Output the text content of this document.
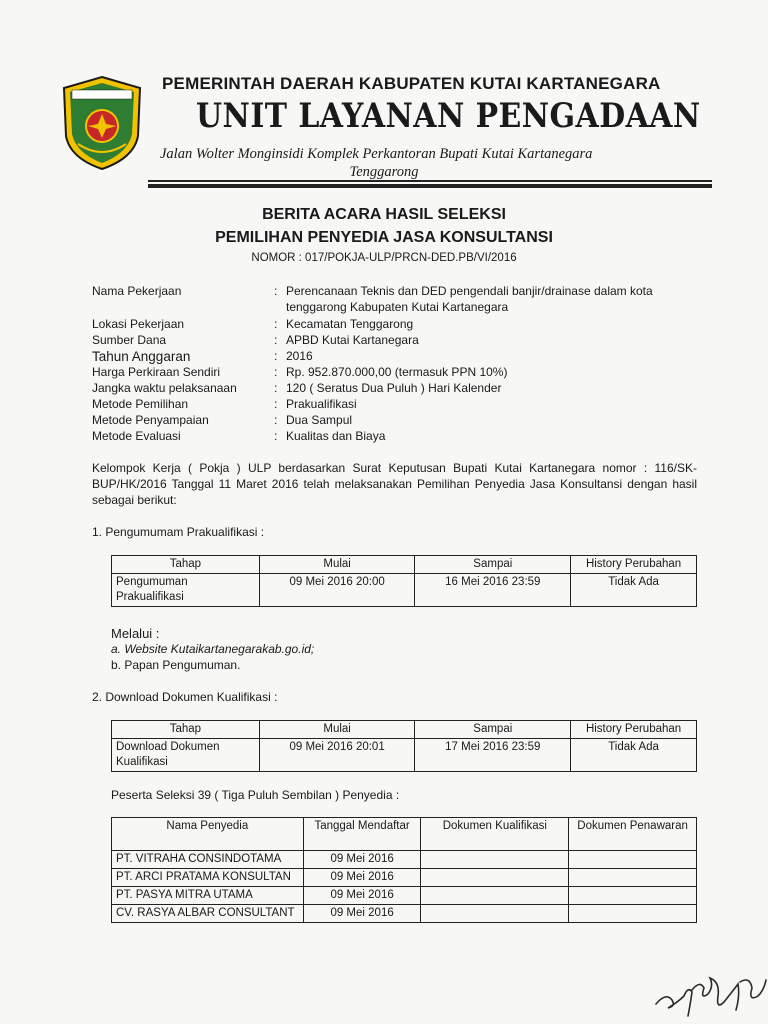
PEMERINTAH DAERAH KABUPATEN KUTAI KARTANEGARA
UNIT LAYANAN PENGADAAN
Jalan Wolter Monginsidi Komplek Perkantoran Bupati Kutai Kartanegara
Tenggarong
BERITA ACARA HASIL SELEKSI
PEMILIHAN PENYEDIA JASA KONSULTANSI
NOMOR : 017/POKJA-ULP/PRCN-DED.PB/VI/2016
Nama Pekerjaan	: Perencanaan Teknis dan DED pengendali banjir/drainase dalam kota
tenggarong Kabupaten Kutai Kartanegara
Lokasi Pekerjaan	: Kecamatan Tenggarong
Sumber Dana	: APBD Kutai Kartanegara
Tahun Anggaran	: 2016
Harga Perkiraan Sendiri	: Rp. 952.870.000,00 (termasuk PPN 10%)
Jangka waktu pelaksanaan	: 120 ( Seratus Dua Puluh ) Hari Kalender
Metode Pemilihan	: Prakualifikasi
Metode Penyampaian	: Dua Sampul
Metode Evaluasi	: Kualitas dan Biaya
Kelompok Kerja ( Pokja ) ULP berdasarkan Surat Keputusan Bupati Kutai Kartanegara nomor : 116/SK-BUP/HK/2016 Tanggal 11 Maret 2016 telah melaksanakan Pemilihan Penyedia Jasa Konsultansi dengan hasil sebagai berikut:
1. Pengumumam Prakualifikasi :
Tahap	Mulai	Sampai	History Perubahan
Pengumuman Prakualifikasi	09 Mei 2016 20:00	16 Mei 2016 23:59	Tidak Ada
Melalui :
a. Website Kutaikartanegarakab.go.id;
b. Papan Pengumuman.
2. Download Dokumen Kualifikasi :
Tahap	Mulai	Sampai	History Perubahan
Download Dokumen Kualifikasi	09 Mei 2016 20:01	17 Mei 2016 23:59	Tidak Ada
Peserta Seleksi 39 ( Tiga Puluh Sembilan ) Penyedia :
Nama Penyedia	Tanggal Mendaftar	Dokumen Kualifikasi	Dokumen Penawaran
PT. VITRAHA CONSINDOTAMA	09 Mei 2016		
PT. ARCI PRATAMA KONSULTAN	09 Mei 2016		
PT. PASYA MITRA UTAMA	09 Mei 2016		
CV. RASYA ALBAR CONSULTANT	09 Mei 2016		
